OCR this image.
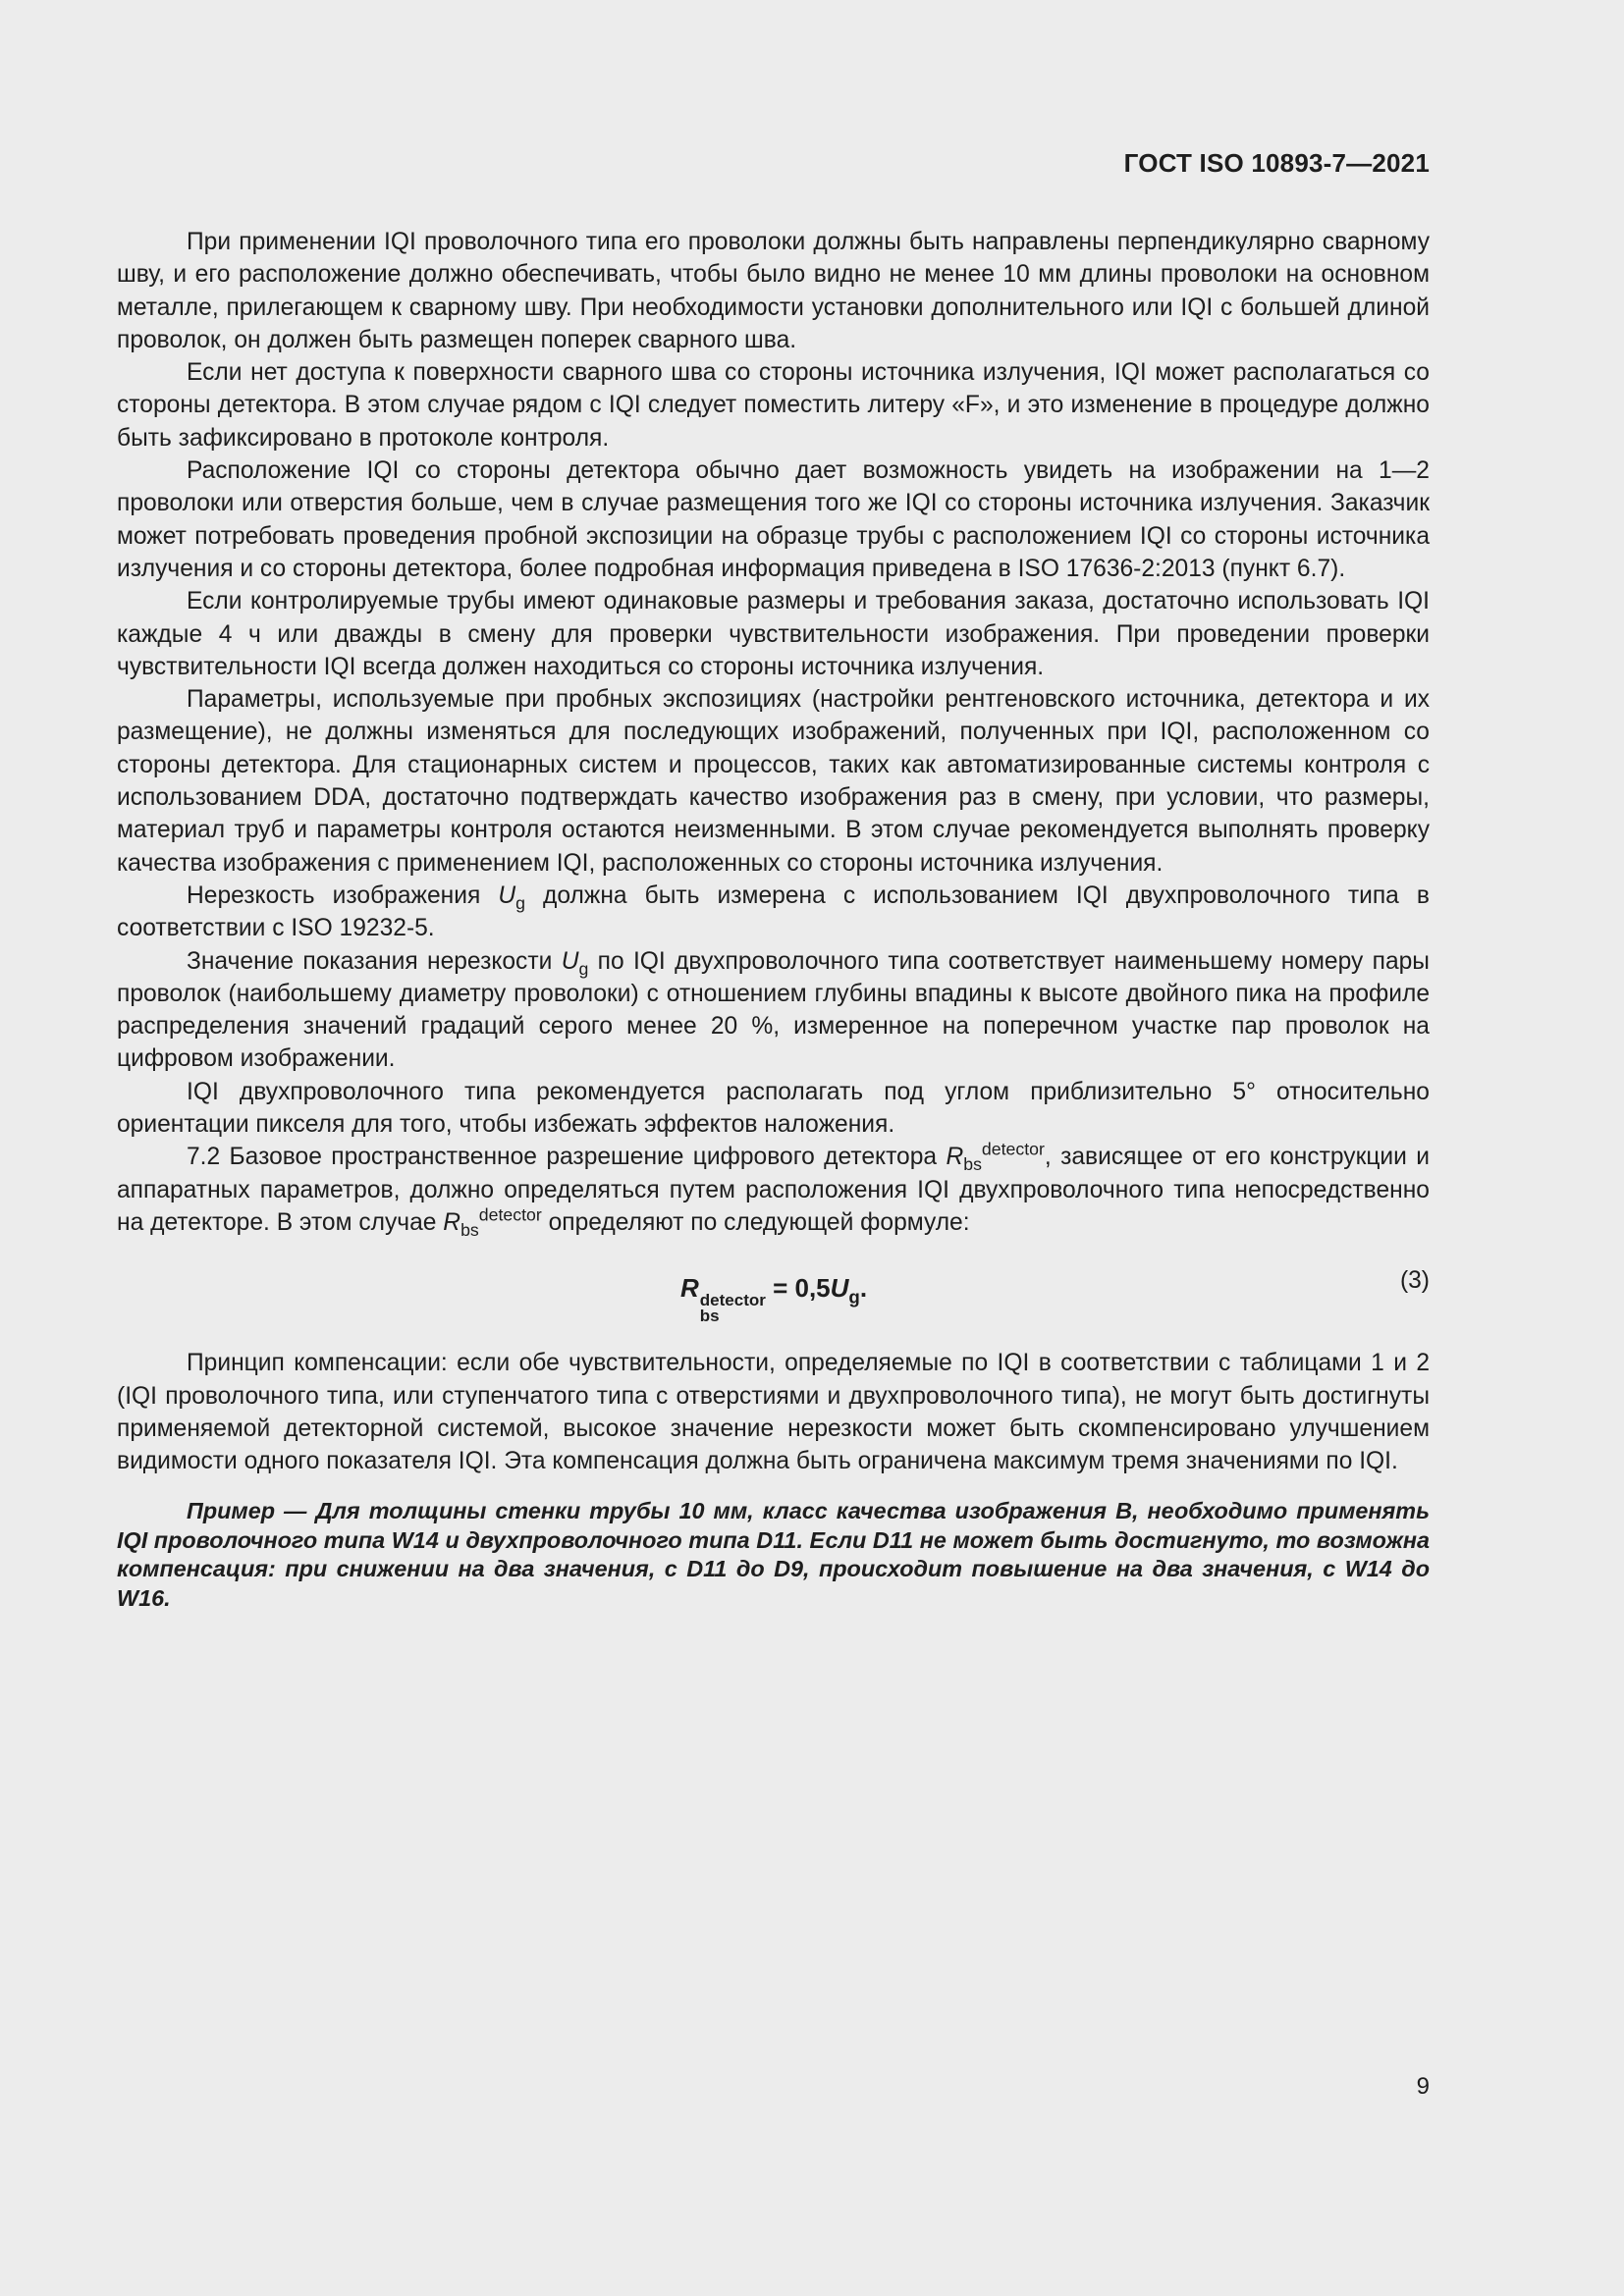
ГОСТ ISO 10893-7—2021

При применении IQI проволочного типа его проволоки должны быть направлены перпендикулярно сварному шву, и его расположение должно обеспечивать, чтобы было видно не менее 10 мм длины проволоки на основном металле, прилегающем к сварному шву. При необходимости установки дополнительного или IQI с большей длиной проволок, он должен быть размещен поперек сварного шва.

Если нет доступа к поверхности сварного шва со стороны источника излучения, IQI может располагаться со стороны детектора. В этом случае рядом с IQI следует поместить литеру «F», и это изменение в процедуре должно быть зафиксировано в протоколе контроля.

Расположение IQI со стороны детектора обычно дает возможность увидеть на изображении на 1—2 проволоки или отверстия больше, чем в случае размещения того же IQI со стороны источника излучения. Заказчик может потребовать проведения пробной экспозиции на образце трубы с расположением IQI со стороны источника излучения и со стороны детектора, более подробная информация приведена в ISO 17636-2:2013 (пункт 6.7).

Если контролируемые трубы имеют одинаковые размеры и требования заказа, достаточно использовать IQI каждые 4 ч или дважды в смену для проверки чувствительности изображения. При проведении проверки чувствительности IQI всегда должен находиться со стороны источника излучения.

Параметры, используемые при пробных экспозициях (настройки рентгеновского источника, детектора и их размещение), не должны изменяться для последующих изображений, полученных при IQI, расположенном со стороны детектора. Для стационарных систем и процессов, таких как автоматизированные системы контроля с использованием DDA, достаточно подтверждать качество изображения раз в смену, при условии, что размеры, материал труб и параметры контроля остаются неизменными. В этом случае рекомендуется выполнять проверку качества изображения с применением IQI, расположенных со стороны источника излучения.

Нерезкость изображения $U_g$ должна быть измерена с использованием IQI двухпроволочного типа в соответствии с ISO 19232-5.

Значение показания нерезкости $U_g$ по IQI двухпроволочного типа соответствует наименьшему номеру пары проволок (наибольшему диаметру проволоки) с отношением глубины впадины к высоте двойного пика на профиле распределения значений градаций серого менее 20 %, измеренное на поперечном участке пар проволок на цифровом изображении.

IQI двухпроволочного типа рекомендуется располагать под углом приблизительно 5° относительно ориентации пикселя для того, чтобы избежать эффектов наложения.

7.2 Базовое пространственное разрешение цифрового детектора $R_{bs}^{detector}$, зависящее от его конструкции и аппаратных параметров, должно определяться путем расположения IQI двухпроволочного типа непосредственно на детекторе. В этом случае $R_{bs}^{detector}$ определяют по следующей формуле:

R detector
bs
= $0,5U_g$.	(3)

Принцип компенсации: если обе чувствительности, определяемые по IQI в соответствии с таблицами 1 и 2 (IQI проволочного типа, или ступенчатого типа с отверстиями и двухпроволочного типа), не могут быть достигнуты применяемой детекторной системой, высокое значение нерезкости может быть скомпенсировано улучшением видимости одного показателя IQI. Эта компенсация должна быть ограничена максимум тремя значениями по IQI.

Пример — Для толщины стенки трубы 10 мм, класс качества изображения B, необходимо применять IQI проволочного типа W14 и двухпроволочного типа D11. Если D11 не может быть достигнуто, то возможна компенсация: при снижении на два значения, с D11 до D9, происходит повышение на два значения, с W14 до W16.

9
